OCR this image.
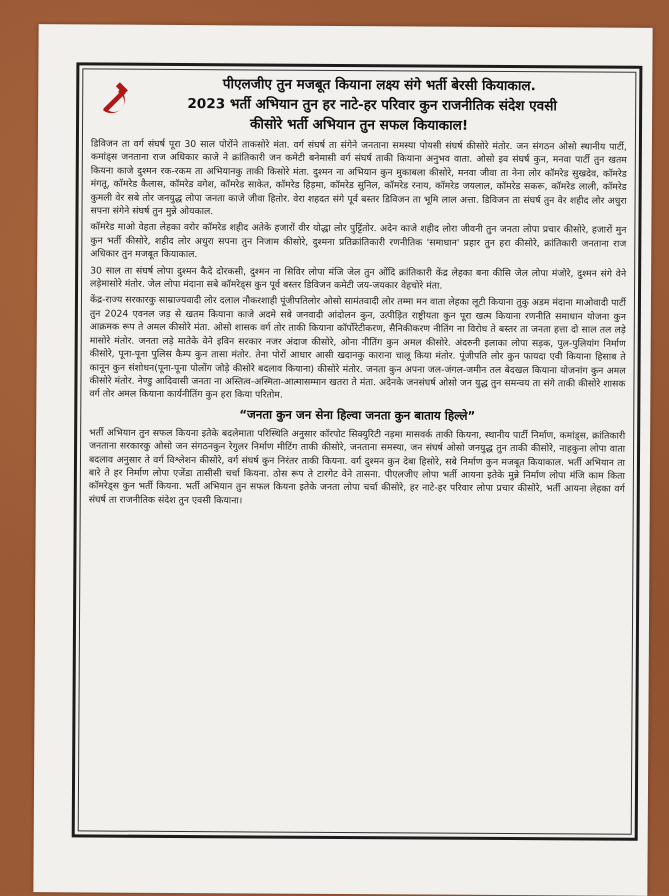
पीएलजीए तुन मजबूत कियाना लक्ष्य संगे भर्ती बेरसी कियाकाल.
2023 भर्ती अभियान तुन हर नाटे-हर परिवार कुन राजनीतिक संदेश एवसी
कीसोरे भर्ती अभियान तुन सफल कियाकाल!

डिविजन ता वर्ग संघर्ष पूरा 30 साल पोरोंने ताकसोरे मंता. वर्ग संघर्ष ता संगेने जनताना समस्या पोयसी संघर्ष कीसोरे मंतोर. जन संगठन ओसो स्थानीय पार्टी, कमांड्स जनताना राज अधिकार काजे ने क्रांतिकारी जन कमेटी बनेमासी वर्ग संघर्ष ताकी कियाना अनुभव वाता. ओसो इव संघर्ष कुन, मनवा पार्टी तुन खतम कियना काजे दुश्मन रक-रकम ता अभियानकु ताकी किसोरे मंता. दुश्मन ना अभियान कुन मुकाबला कीसोरे, मनवा जीवा ता नेना लोर कॉमरेड सुखदेव, कॉमरेड मंगतू, कॉमरेड कैलास, कॉमरेड वगेश, कॉमरेड साकेत, कॉमरेड हिड़मा, कॉमरेड सुनिल, कॉमरेड रनाय, कॉमरेड जयलाल, कॉमरेड सकरू, कॉमरेड लाली, कॉमरेड कुमली वेर सबे तोर जनयुद्ध लोपा जनता काजे जीवा हितोर. वेरा शहदत संगे पूर्व बस्तर डिविजन ता भूमि लाल अत्ता. डिविजन ता संघर्ष तुन वेर शहीद लोर अधुरा सपना संगेने संघर्ष तुन मुन्ने ओयकाल.

कॉमरेड माओ वेहता लेहका वरोर कॉमरेड शहीद अतेके हजारों वीर योद्धा लोर पुट्टिंतोर. अदेन काजे शहीद लोरा जीवनी तुन जनता लोपा प्रचार कीसोरे, हजारों मुन कुन भर्ती कीसोरे, शहीद लोर अधुरा सपना तुन निजाम कीसोरे, दुश्मना प्रतिक्रांतिकारी रणनीतिक 'समाधान' प्रहार तुन हरा कीसोरे, क्रांतिकारी जनताना राज अधिकार तुन मजबूत कियाकाल.

30 साल ता संघर्ष लोपा दुश्मन कैदे दोरकसी, दुश्मन ना सिविर लोपा मंजि जेल तुन ओंदि क्रांतिकारी केंद्र लेहका बना कीसि जेल लोपा मंजोरे, दुश्मन संगे वेने लड़ेमासोरे मंतोर. जेल लोपा मंदाना सबे कॉमरेड्स कुन पूर्व बस्तर डिविजन कमेटी जय-जयकार वेहचोरे मंता.

केंद्र-राज्य सरकारकु साम्राज्यवादी लोर दलाल नौकरशाही पूंजीपतिलोर ओसो सामंतवादी लोर तम्मा मन वाता लेहका लूटी कियाना तुकु अडम मंदाना माओवादी पार्टी तुन 2024 एवनल जड़ से खतम कियाना काजे अदमे सबे जनवादी आंदोलन कुन, उत्पीड़ित राष्ट्रीयता कुन पूरा खत्म कियाना रणनीति समाधान योजना कुन आक्रमक रूप ते अमल कीसोरे मंता. ओसो शासक वर्ग तोर ताकी कियाना कॉर्पोरेटीकरण, सैनिकीकरण नीतिंग ना विरोध ते बस्तर ता जनता हत्ता दो साल तल लड़े मासोरे मंतोर. जनता लड़े मातेके वेने इविन सरकार नजर अंदाज कीसोरे, ओना नीतिंग कुन अमल कीसोरे. अंदरुनी इलाका लोपा सड़क, पुल-पुलियांग निर्माण कीसोरे, पूना-पूना पुलिस कैम्प कुन तासा मंतोर. तेना पोरों आधार आसी खदानकु काराना चालू किया मंतोर. पूंजीपति लोर कुन फायदा एवी कियाना हिसाब ते कानून कुन संशोधन(पूना-पूना पोलोंग जोड़े कीसोरे बदलाव कियाना) कीसोरे मंतोर. जनता कुन अपना जल-जंगल-जमीन तल बेदखल कियाना योजनांग कुन अमल कीसोरे मंतोर. नेण्डु आदिवासी जनता ना अस्तित्व-अस्मिता-आत्मासम्मान खतरा ते मंता. अदेनके जनसंघर्ष ओसो जन युद्ध तुन समन्वय ता संगे ताकी कीसोरे शासक वर्ग तोर अमल कियाना कार्यनीतिंग कुन हरा किया परितोम.

“जनता कुन जन सेना हिल्वा जनता कुन बाताय हिल्ले”

भर्ती अभियान तुन सफल कियना इतेके बदलेमाता परिस्थिति अनुसार कॉरपोट सिक्युरिटी नड़मा मासवर्क ताकी कियना, स्थानीय पार्टी निर्माण, कमांड्स, क्रांतिकारी जनताना सरकारकु ओसो जन संगठनकुन रेगुलर निर्माण मीटिंग ताकी कीसोरे, जनताना समस्या, जन संघर्ष ओसो जनयुद्ध तुन ताकी कीसोरे, नाहकुना लोपा वाता बदलाव अनुसार ते वर्ग विश्लेशन कीसोरे, वर्ग संघर्ष कुन निरंतर ताकी कियना. वर्ग दुश्मन कुन देबा हिसोरे, सबे निर्माण कुन मजबूत कियाकाल. भर्ती अभियान ता बारे ते हर निर्माण लोपा एजेंडा तासीसी चर्चा कियना. ठोस रूप ते टारगेट वेने तासना. पीएलजीए लोपा भर्ती आयना इतेके मुन्ने निर्माण लोपा मंजि काम किता कॉमरेड्स कुन भर्ती कियना. भर्ती अभियान तुन सफल कियना इतेके जनता लोपा चर्चा कीसोरे, हर नाटे-हर परिवार लोपा प्रचार कीसोरे, भर्ती आयना लेहका वर्ग संघर्ष ता राजनीतिक संदेश तुन एवसी कियाना।
